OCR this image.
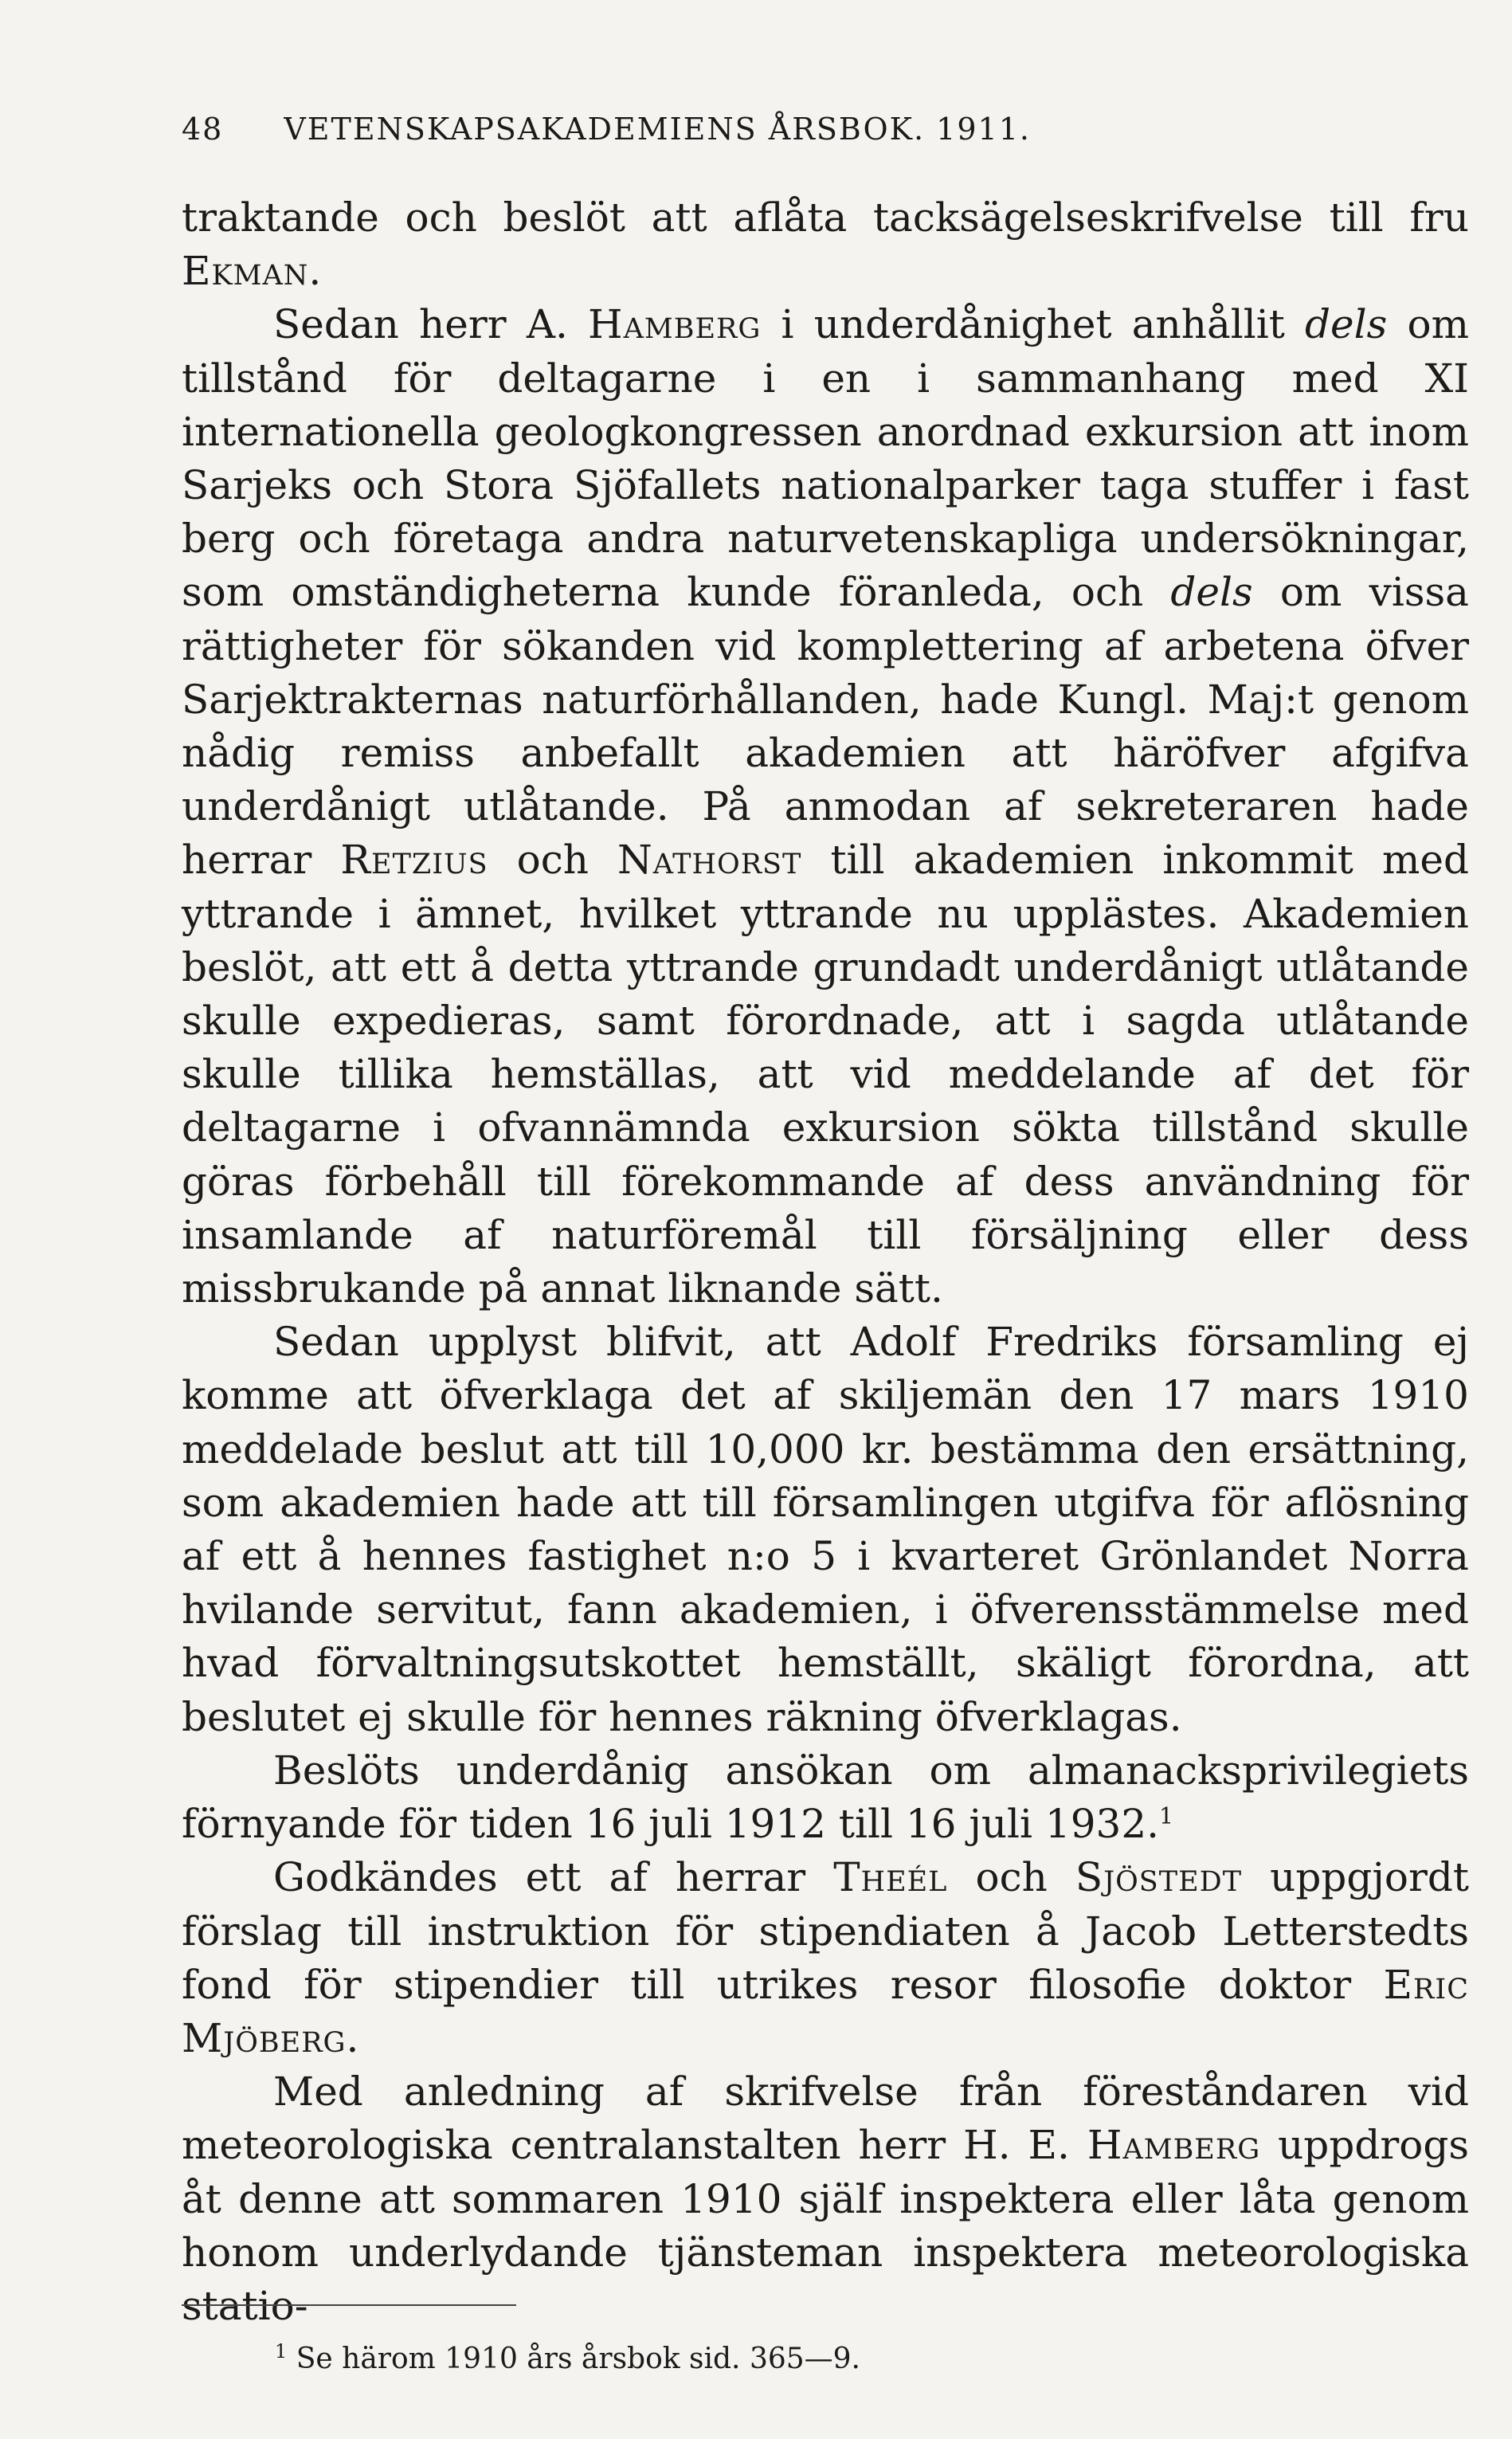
48 VETENSKAPSAKADEMIENS ÅRSBOK. 1911.

traktande och beslöt att aflåta tacksägelseskrifvelse till fru Ekman.

Sedan herr A. Hamberg i underdånighet anhållit dels om tillstånd för deltagarne i en i sammanhang med XI internationella geologkongressen anordnad exkursion att inom Sarjeks och Stora Sjöfallets nationalparker taga stuffer i fast berg och företaga andra naturvetenskapliga undersökningar, som omständigheterna kunde föranleda, och dels om vissa rättigheter för sökanden vid komplettering af arbetena öfver Sarjektrakternas naturförhållanden, hade Kungl. Maj:t genom nådig remiss anbefallt akademien att häröfver afgifva underdånigt utlåtande. På anmodan af sekreteraren hade herrar Retzius och Nathorst till akademien inkommit med yttrande i ämnet, hvilket yttrande nu upplästes. Akademien beslöt, att ett å detta yttrande grundadt underdånigt utlåtande skulle expedieras, samt förordnade, att i sagda utlåtande skulle tillika hemställas, att vid meddelande af det för deltagarne i ofvannämnda exkursion sökta tillstånd skulle göras förbehåll till förekommande af dess användning för insamlande af naturföremål till försäljning eller dess missbrukande på annat liknande sätt.

Sedan upplyst blifvit, att Adolf Fredriks församling ej komme att öfverklaga det af skiljemän den 17 mars 1910 meddelade beslut att till 10,000 kr. bestämma den ersättning, som akademien hade att till församlingen utgifva för aflösning af ett å hennes fastighet n:o 5 i kvarteret Grönlandet Norra hvilande servitut, fann akademien, i öfverensstämmelse med hvad förvaltningsutskottet hemställt, skäligt förordna, att beslutet ej skulle för hennes räkning öfverklagas.

Beslöts underdånig ansökan om almanacksprivilegiets förnyande för tiden 16 juli 1912 till 16 juli 1932.$^1$

Godkändes ett af herrar Theél och Sjöstedt uppgjordt förslag till instruktion för stipendiaten å Jacob Letterstedts fond för stipendier till utrikes resor filosofie doktor Eric Mjöberg.

Med anledning af skrifvelse från föreståndaren vid meteorologiska centralanstalten herr H. E. Hamberg uppdrogs åt denne att sommaren 1910 själf inspektera eller låta genom honom underlydande tjänsteman inspektera meteorologiska statio-

$^1$ Se härom 1910 års årsbok sid. 365—9.
